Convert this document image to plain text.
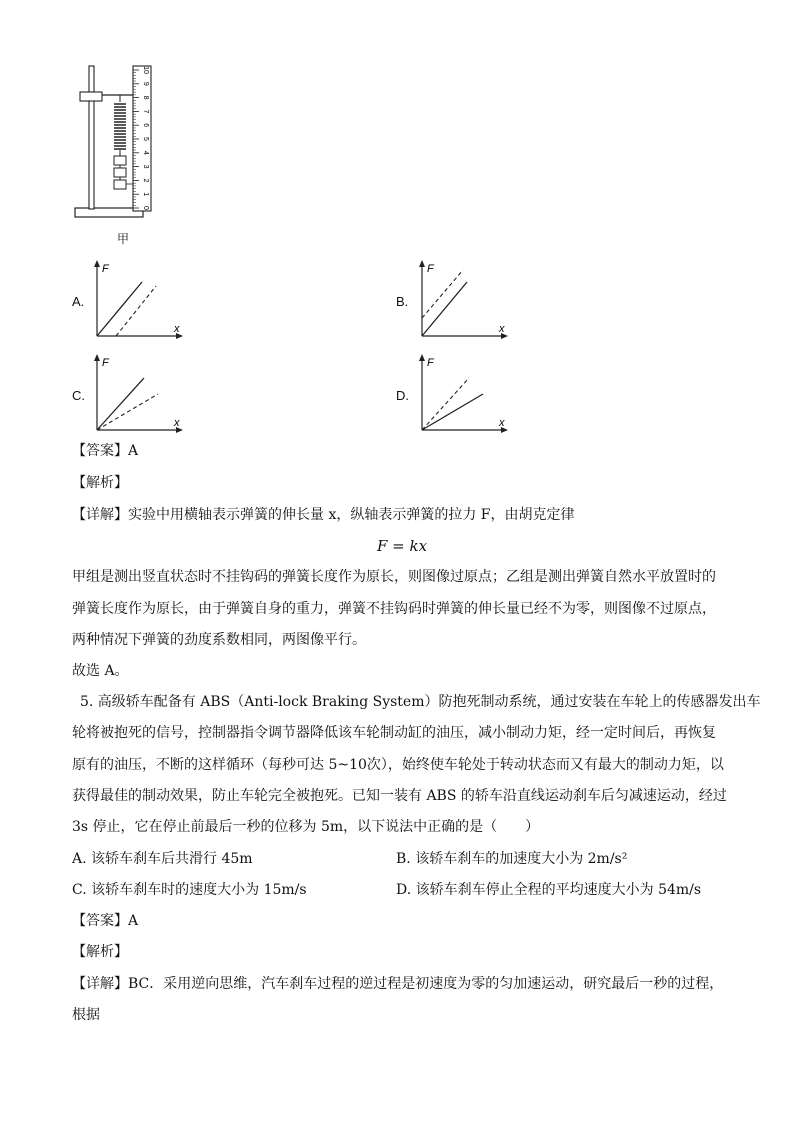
10
9
8
7
6
5
4
3
2
1
0
甲
A.
F
x
B.
F
x
C.
F
x
D.
F
x
【答案】A
【解析】
【详解】实验中用横轴表示弹簧的伸长量 x，纵轴表示弹簧的拉力 F，由胡克定律
F = kx
甲组是测出竖直状态时不挂钩码的弹簧长度作为原长，则图像过原点；乙组是测出弹簧自然水平放置时的
弹簧长度作为原长，由于弹簧自身的重力，弹簧不挂钩码时弹簧的伸长量已经不为零，则图像不过原点，
两种情况下弹簧的劲度系数相同，两图像平行。
故选 A。
5. 高级轿车配备有 ABS（Anti-lock Braking System）防抱死制动系统，通过安装在车轮上的传感器发出车
轮将被抱死的信号，控制器指令调节器降低该车轮制动缸的油压，减小制动力矩，经一定时间后，再恢复
原有的油压，不断的这样循环（每秒可达 5~10次），始终使车轮处于转动状态而又有最大的制动力矩，以
获得最佳的制动效果，防止车轮完全被抱死。已知一装有 ABS 的轿车沿直线运动刹车后匀减速运动，经过
3s 停止，它在停止前最后一秒的位移为 5m，以下说法中正确的是（　　）
A. 该轿车刹车后共滑行 45m	B. 该轿车刹车的加速度大小为 2m/s²
C. 该轿车刹车时的速度大小为 15m/s	D. 该轿车刹车停止全程的平均速度大小为 54m/s
【答案】A
【解析】
【详解】BC．采用逆向思维，汽车刹车过程的逆过程是初速度为零的匀加速运动，研究最后一秒的过程，
根据
